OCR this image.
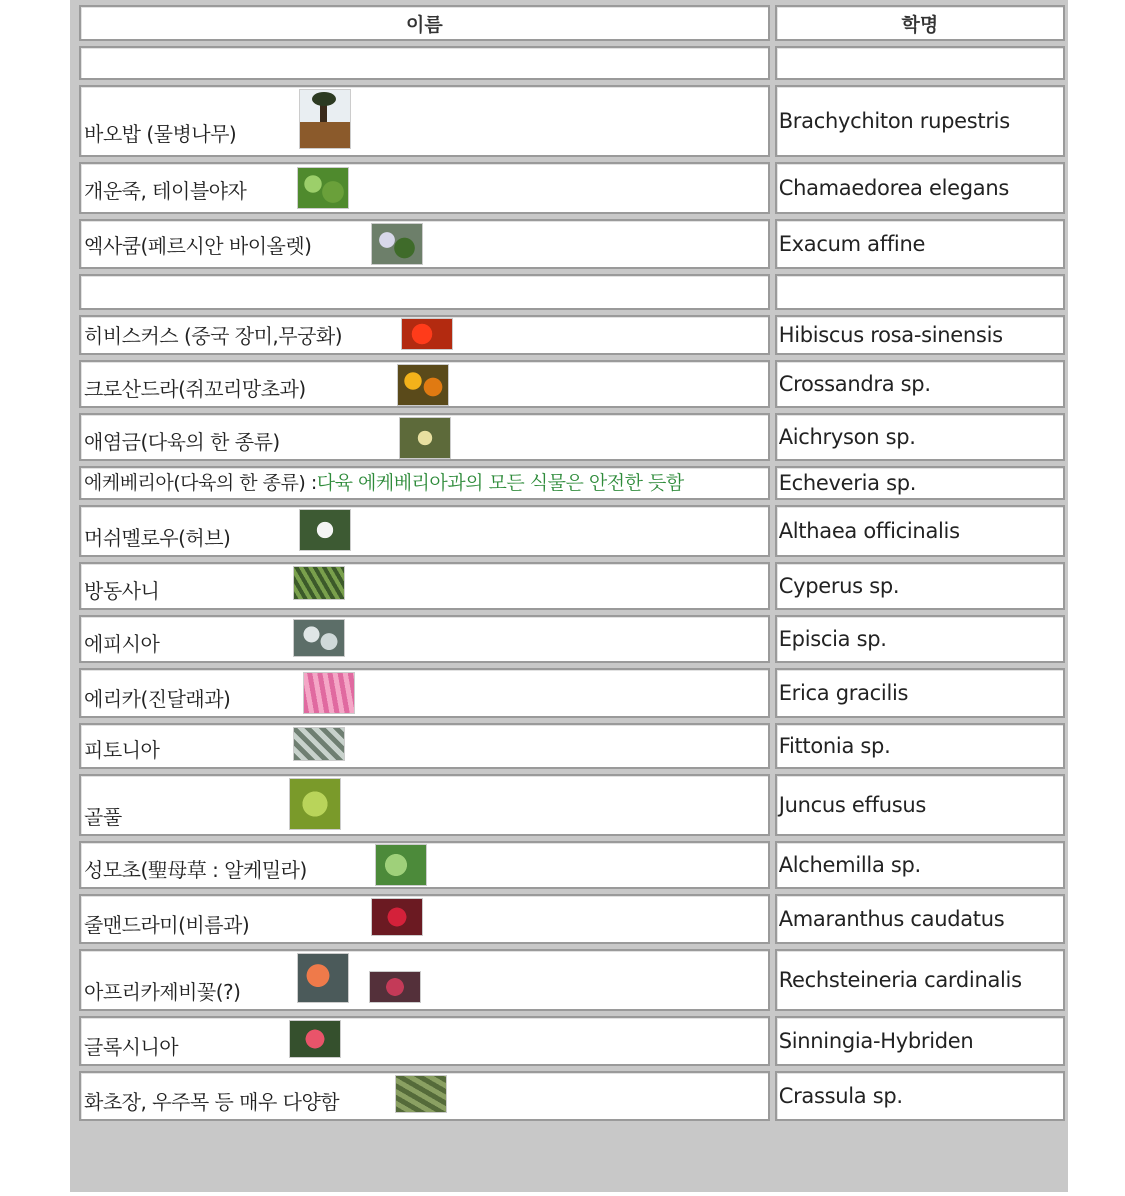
이름	학명

바오밥 (물병나무)	Brachychiton rupestris

개운죽, 테이블야자	Chamaedorea elegans

엑사쿰(페르시안 바이올렛)	Exacum affine

히비스커스 (중국 장미,무궁화)	Hibiscus rosa-sinensis

크로산드라(쥐꼬리망초과)	Crossandra sp.

애염금(다육의 한 종류)	Aichryson sp.

에케베리아(다육의 한 종류) :다육 에케베리아과의 모든 식물은 안전한 듯함	Echeveria sp.

머쉬멜로우(허브)	Althaea officinalis

방동사니	Cyperus sp.

에피시아	Episcia sp.

에리카(진달래과)	Erica gracilis

피토니아	Fittonia sp.

골풀	Juncus effusus

성모초(聖母草 : 알케밀라)	Alchemilla sp.

줄맨드라미(비름과)	Amaranthus caudatus

아프리카제비꽃(?)	Rechsteineria cardinalis

글록시니아	Sinningia-Hybriden

화초장, 우주목 등 매우 다양함	Crassula sp.
